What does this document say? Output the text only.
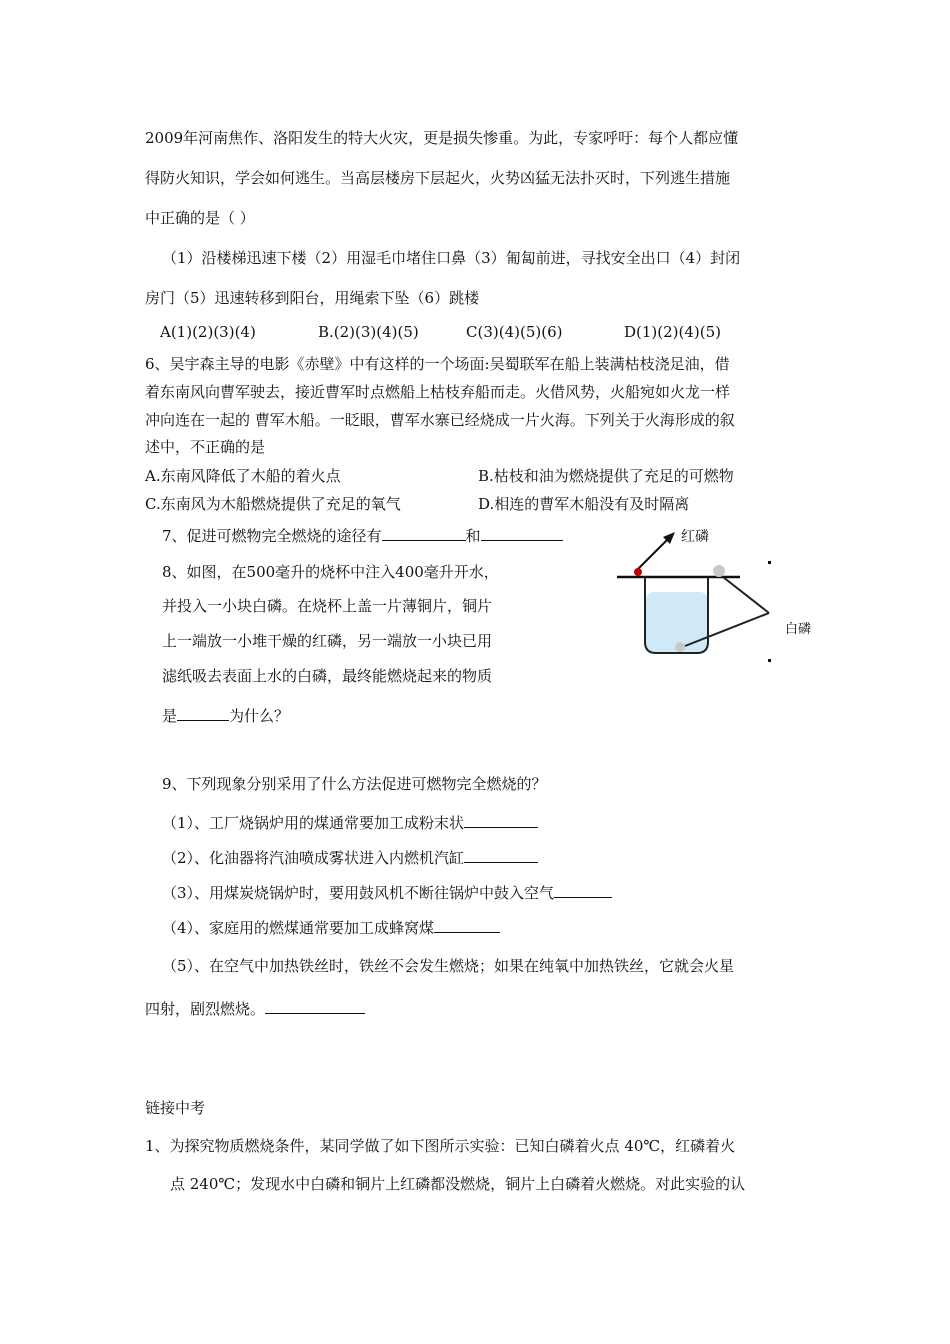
2009年河南焦作、洛阳发生的特大火灾，更是损失惨重。为此，专家呼吁：每个人都应懂
得防火知识，学会如何逃生。当高层楼房下层起火，火势凶猛无法扑灭时，下列逃生措施
中正确的是（ ）
（1）沿楼梯迅速下楼（2）用湿毛巾堵住口鼻（3）匍匐前进，寻找安全出口（4）封闭
房门（5）迅速转移到阳台，用绳索下坠（6）跳楼
A(1)(2)(3)(4)	B.(2)(3)(4)(5)	C(3)(4)(5)(6)	D(1)(2)(4)(5)
6、吴宇森主导的电影《赤壁》中有这样的一个场面:吴蜀联军在船上装满枯枝浇足油，借
着东南风向曹军驶去，接近曹军时点燃船上枯枝弃船而走。火借风势，火船宛如火龙一样
冲向连在一起的 曹军木船。一眨眼，曹军水寨已经烧成一片火海。下列关于火海形成的叙
述中，不正确的是
A.东南风降低了木船的着火点	B.枯枝和油为燃烧提供了充足的可燃物
C.东南风为木船燃烧提供了充足的氧气	D.相连的曹军木船没有及时隔离
7、促进可燃物完全燃烧的途径有	和
8、如图，在500毫升的烧杯中注入400毫升开水，
并投入一小块白磷。在烧杯上盖一片薄铜片，铜片
上一端放一小堆干燥的红磷，另一端放一小块已用
滤纸吸去表面上水的白磷，最终能燃烧起来的物质
是	为什么？
红磷
白磷
9、下列现象分别采用了什么方法促进可燃物完全燃烧的？
（1）、工厂烧锅炉用的煤通常要加工成粉末状
（2）、化油器将汽油喷成雾状进入内燃机汽缸
（3）、用煤炭烧锅炉时，要用鼓风机不断往锅炉中鼓入空气
（4）、家庭用的燃煤通常要加工成蜂窝煤
（5）、在空气中加热铁丝时，铁丝不会发生燃烧；如果在纯氧中加热铁丝，它就会火星
四射，剧烈燃烧。
链接中考
1、为探究物质燃烧条件，某同学做了如下图所示实验：已知白磷着火点 40℃，红磷着火
点 240℃；发现水中白磷和铜片上红磷都没燃烧，铜片上白磷着火燃烧。对此实验的认
